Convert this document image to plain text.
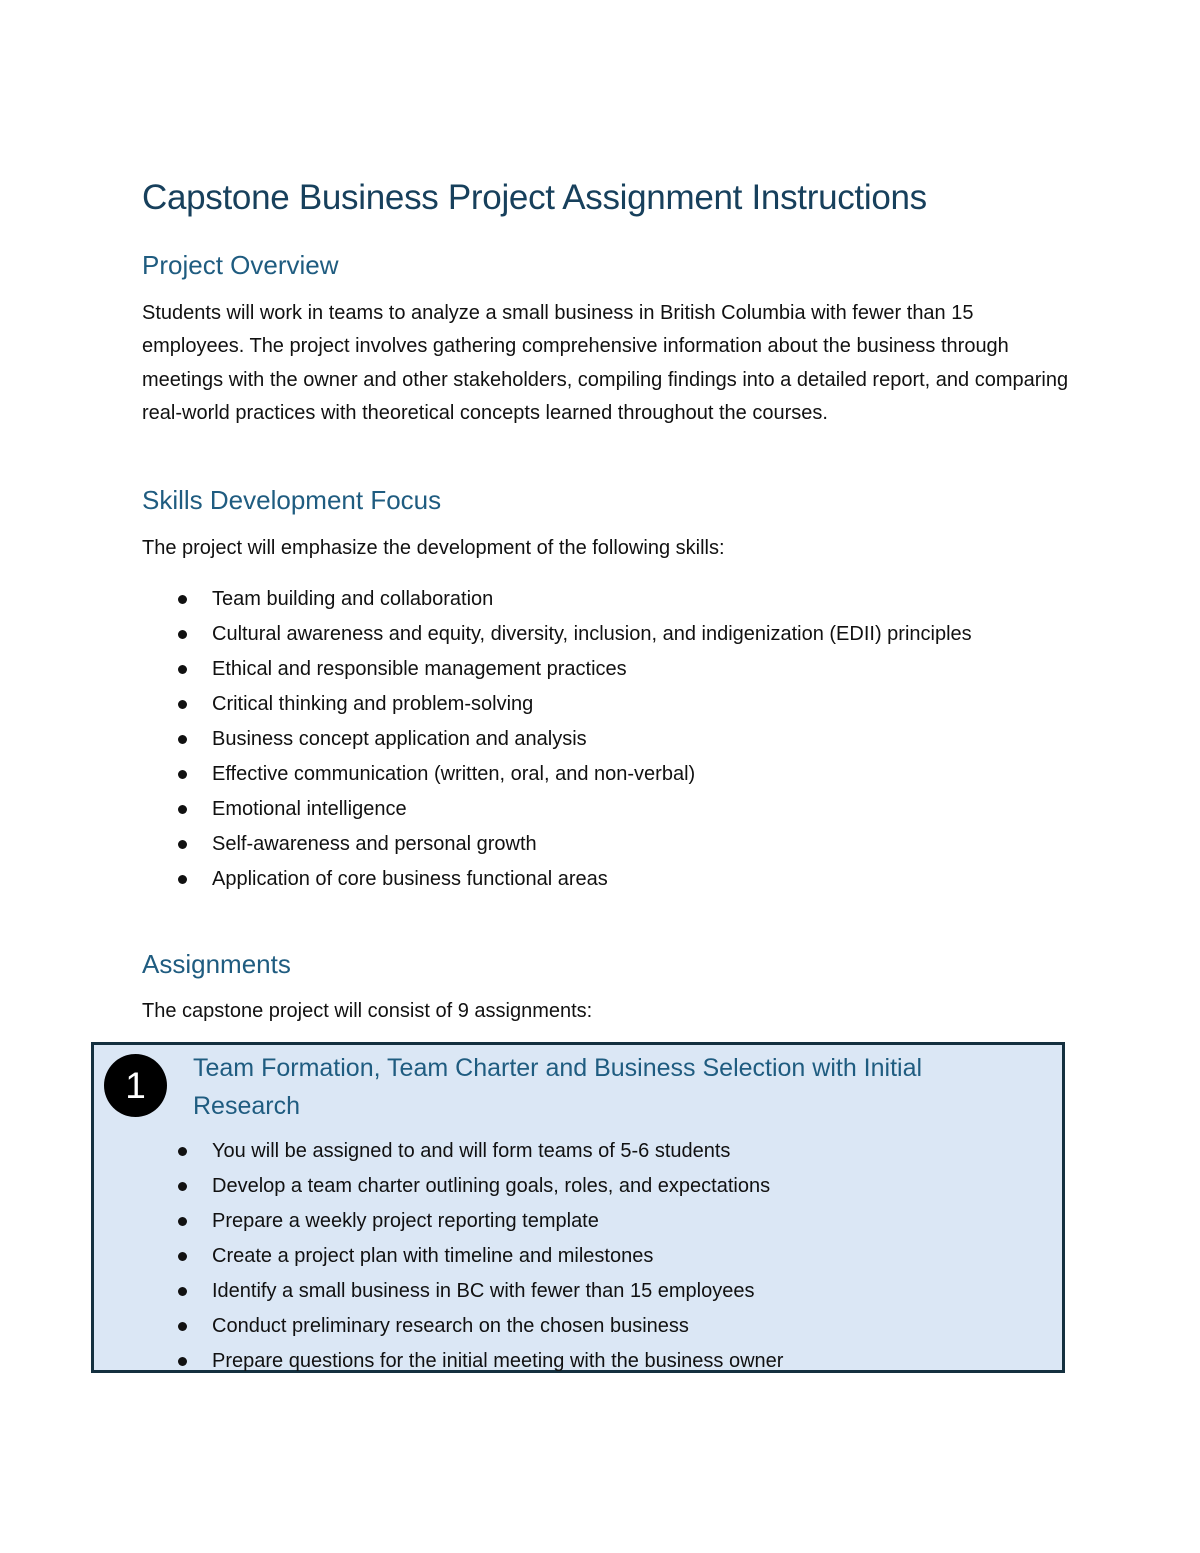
Capstone Business Project Assignment Instructions
Project Overview

Students will work in teams to analyze a small business in British Columbia with fewer than 15 employees. The project involves gathering comprehensive information about the business through meetings with the owner and other stakeholders, compiling findings into a detailed report, and comparing real-world practices with theoretical concepts learned throughout the courses.

Skills Development Focus

The project will emphasize the development of the following skills:

Team building and collaboration
Cultural awareness and equity, diversity, inclusion, and indigenization (EDII) principles
Ethical and responsible management practices
Critical thinking and problem-solving
Business concept application and analysis
Effective communication (written, oral, and non-verbal)
Emotional intelligence
Self-awareness and personal growth
Application of core business functional areas
Assignments

The capstone project will consist of 9 assignments:

1	Team Formation, Team Charter and Business Selection with Initial Research
You will be assigned to and will form teams of 5-6 students
Develop a team charter outlining goals, roles, and expectations
Prepare a weekly project reporting template
Create a project plan with timeline and milestones
Identify a small business in BC with fewer than 15 employees
Conduct preliminary research on the chosen business
Prepare questions for the initial meeting with the business owner
